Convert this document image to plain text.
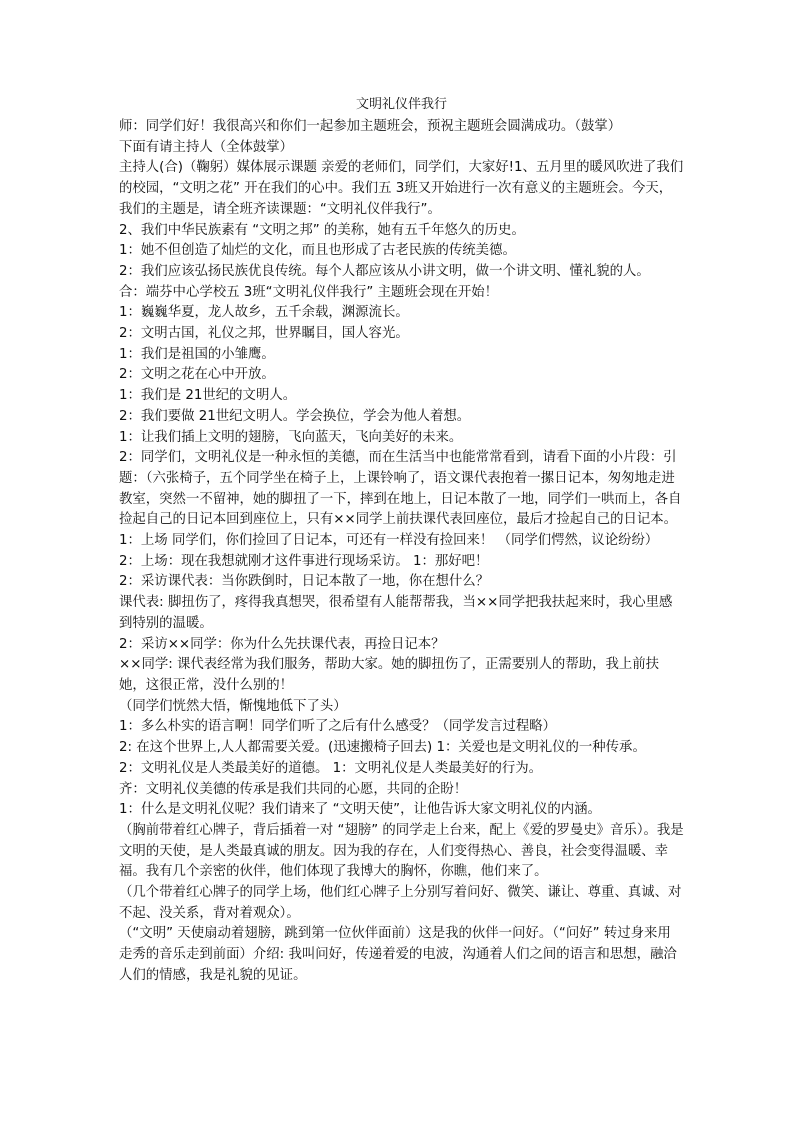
文明礼仪伴我行

师：同学们好！我很高兴和你们一起参加主题班会，预祝主题班会圆满成功。（鼓掌）

下面有请主持人（全体鼓掌）

主持人(合)（鞠躬）媒体展示课题 亲爱的老师们，同学们，大家好!1、五月里的暖风吹进了我们的校园，“文明之花” 开在我们的心中。我们五 3班又开始进行一次有意义的主题班会。今天，我们的主题是，请全班齐读课题：“文明礼仪伴我行”。

2、我们中华民族素有 “文明之邦” 的美称，她有五千年悠久的历史。

1：她不但创造了灿烂的文化，而且也形成了古老民族的传统美德。

2：我们应该弘扬民族优良传统。每个人都应该从小讲文明，做一个讲文明、懂礼貌的人。

合：端芬中心学校五 3班“文明礼仪伴我行” 主题班会现在开始！

1：巍巍华夏，龙人故乡，五千余载，渊源流长。

2：文明古国，礼仪之邦，世界瞩目，国人容光。

1：我们是祖国的小雏鹰。

2：文明之花在心中开放。

1：我们是 21世纪的文明人。

2：我们要做 21世纪文明人。学会换位，学会为他人着想。

1：让我们插上文明的翅膀，飞向蓝天，飞向美好的未来。

2：同学们，文明礼仪是一种永恒的美德，而在生活当中也能常常看到，请看下面的小片段：引题：（六张椅子，五个同学坐在椅子上，上课铃响了，语文课代表抱着一摞日记本，匆匆地走进教室，突然一不留神，她的脚扭了一下，摔到在地上，日记本散了一地，同学们一哄而上，各自捡起自己的日记本回到座位上，只有××同学上前扶课代表回座位，最后才捡起自己的日记本。

1：上场 同学们，你们捡回了日记本，可还有一样没有捡回来！ （同学们愕然，议论纷纷）

2：上场：现在我想就刚才这件事进行现场采访。 1：那好吧！

2：采访课代表：当你跌倒时，日记本散了一地，你在想什么？

课代表: 脚扭伤了，疼得我真想哭，很希望有人能帮帮我，当××同学把我扶起来时，我心里感到特别的温暖。

2：采访××同学：你为什么先扶课代表，再捡日记本？

××同学: 课代表经常为我们服务，帮助大家。她的脚扭伤了，正需要别人的帮助，我上前扶她，这很正常，没什么别的！

（同学们恍然大悟，惭愧地低下了头）

1：多么朴实的语言啊！同学们听了之后有什么感受？（同学发言过程略）

2: 在这个世界上,人人都需要关爱。(迅速搬椅子回去) 1：关爱也是文明礼仪的一种传承。

2：文明礼仪是人类最美好的道德。 1：文明礼仪是人类最美好的行为。

齐：文明礼仪美德的传承是我们共同的心愿，共同的企盼！

1：什么是文明礼仪呢？我们请来了 “文明天使”，让他告诉大家文明礼仪的内涵。

（胸前带着红心牌子，背后插着一对 “翅膀” 的同学走上台来，配上《爱的罗曼史》音乐）。我是文明的天使，是人类最真诚的朋友。因为我的存在，人们变得热心、善良，社会变得温暖、幸福。我有几个亲密的伙伴，他们体现了我博大的胸怀，你瞧，他们来了。

（几个带着红心牌子的同学上场，他们红心牌子上分别写着问好、微笑、谦让、尊重、真诚、对不起、没关系，背对着观众）。

（“文明” 天使扇动着翅膀，跳到第一位伙伴面前）这是我的伙伴一问好。（“问好” 转过身来用走秀的音乐走到前面）介绍: 我叫问好，传递着爱的电波，沟通着人们之间的语言和思想，融洽人们的情感，我是礼貌的见证。
